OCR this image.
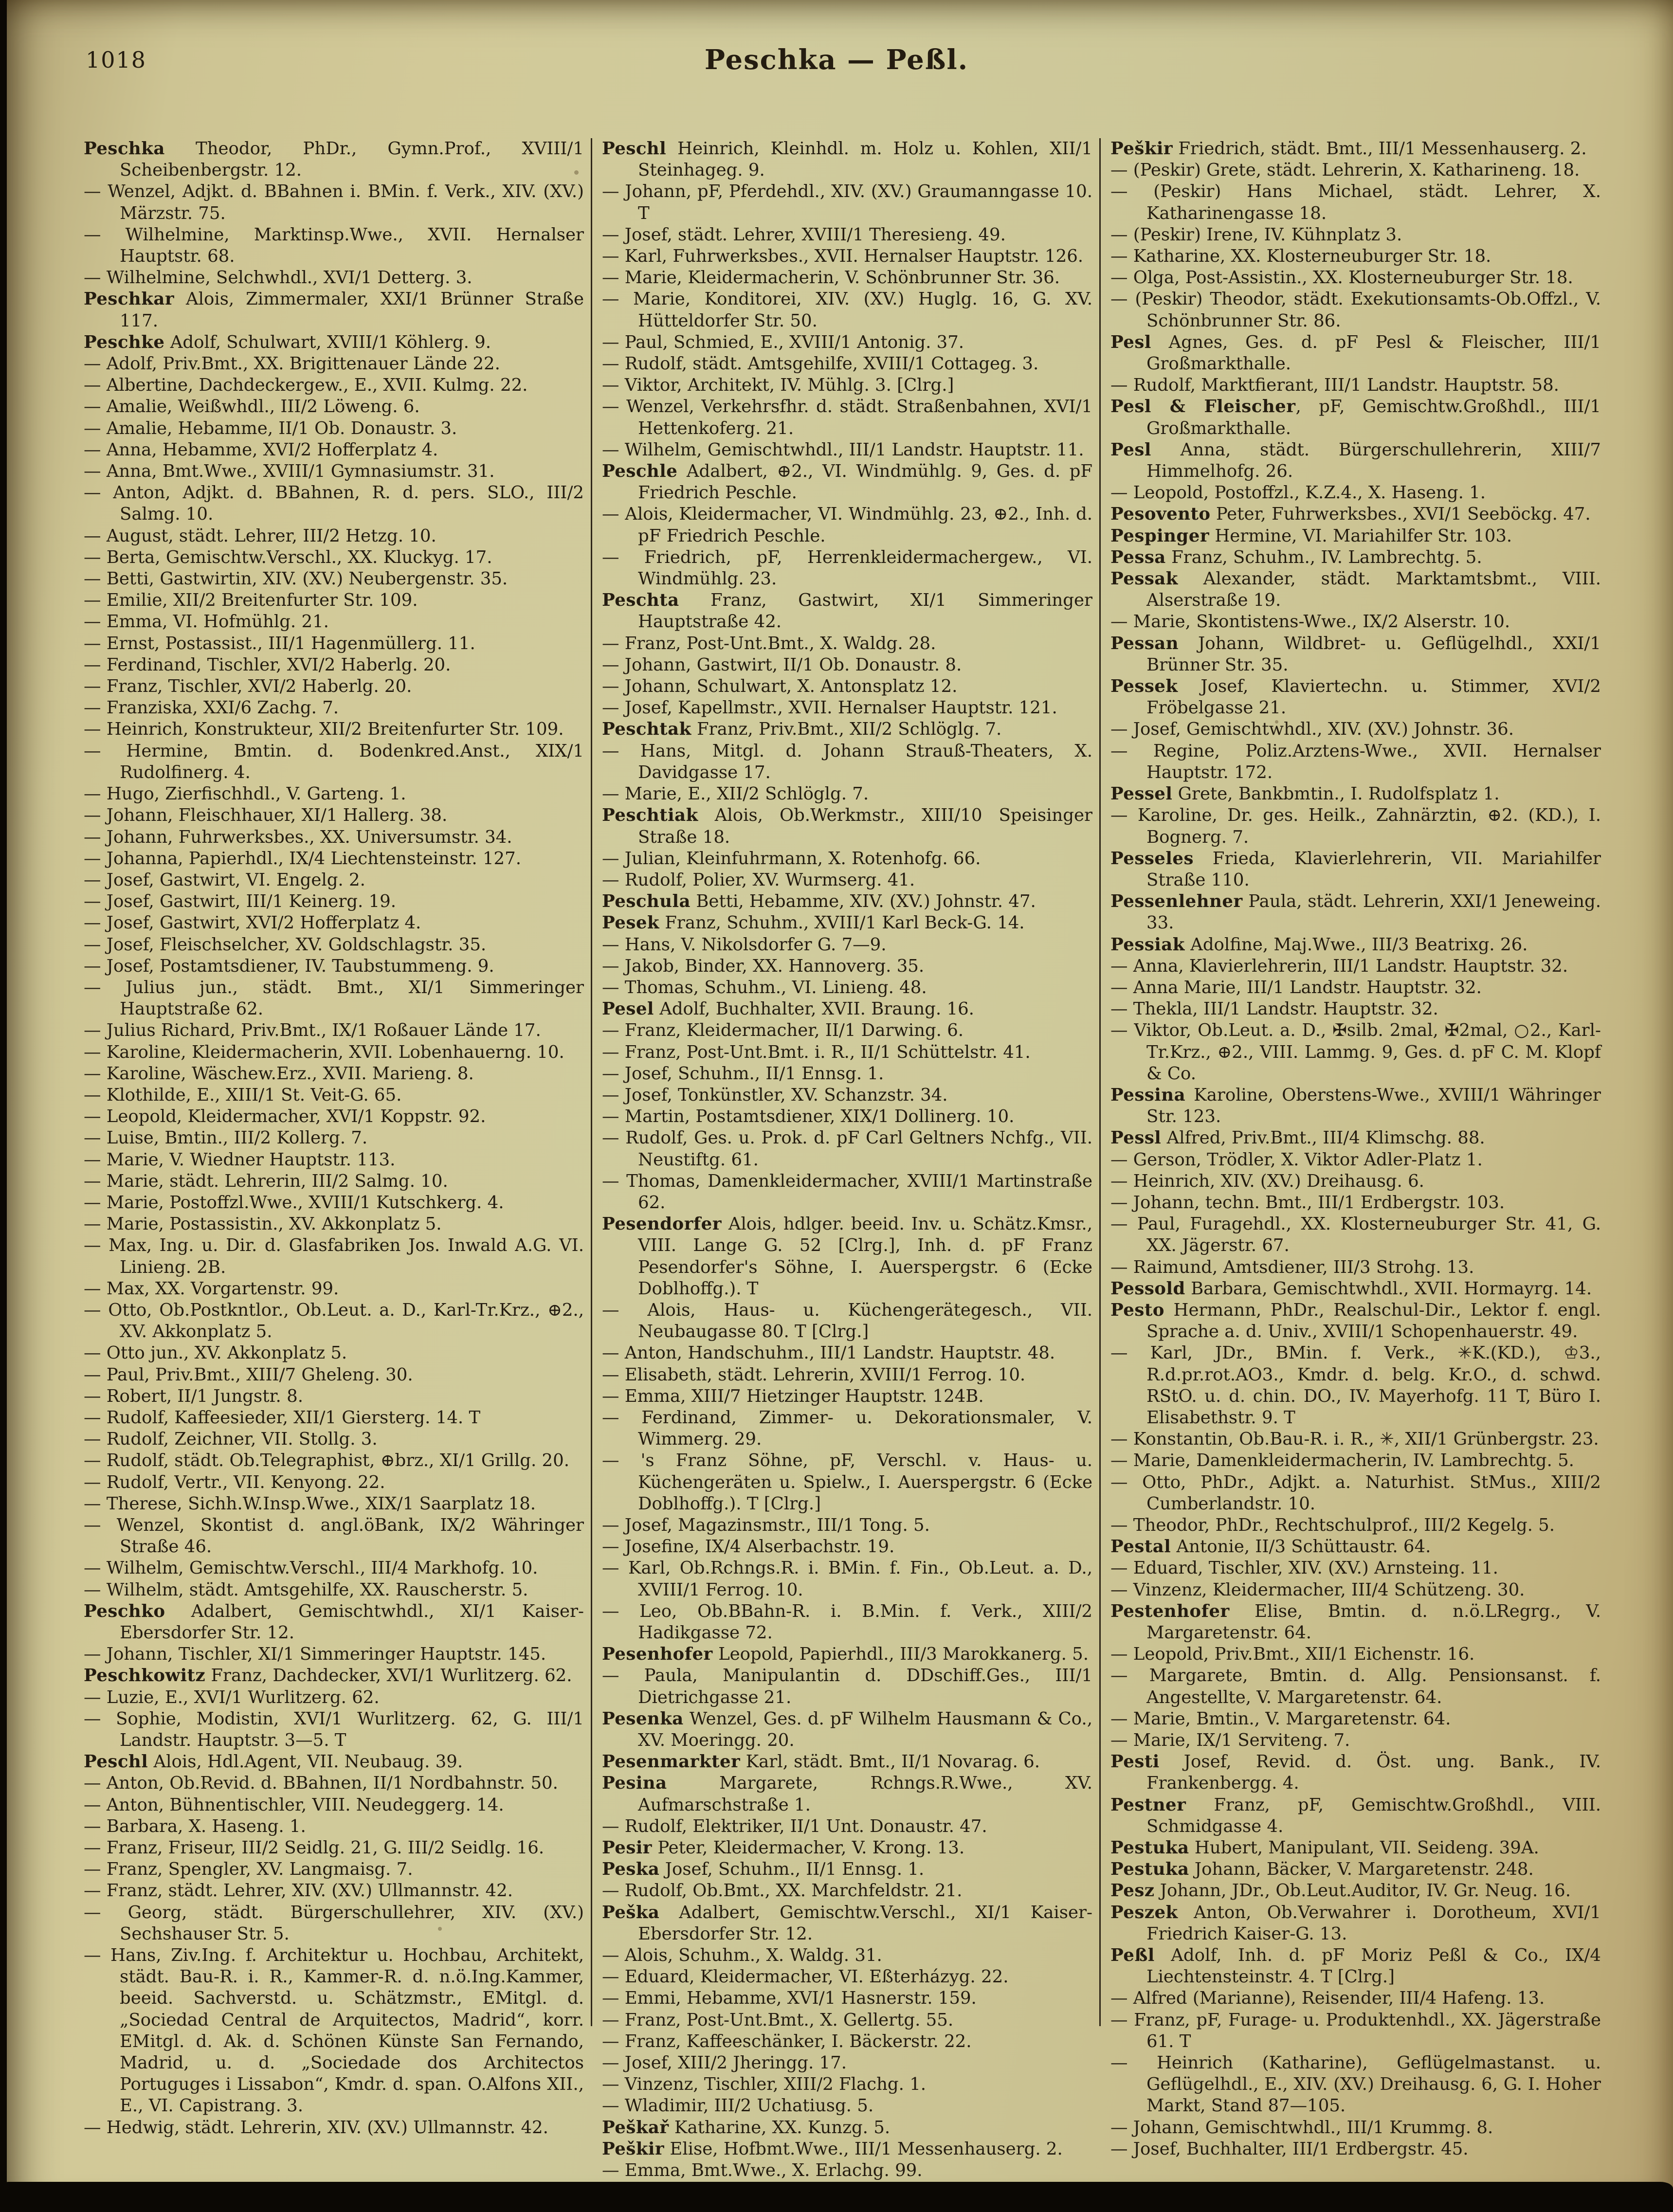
1018	Peschka — Peßl.
Peschka Theodor, PhDr., Gymn.Prof., XVIII/1 Scheibenbergstr. 12.
— Wenzel, Adjkt. d. BBahnen i. BMin. f. Verk., XIV. (XV.) Märzstr. 75.
— Wilhelmine, Marktinsp.Wwe., XVII. Hernalser Hauptstr. 68.
— Wilhelmine, Selchwhdl., XVI/1 Detterg. 3.
Peschkar Alois, Zimmermaler, XXI/1 Brünner Straße 117.
Peschke Adolf, Schulwart, XVIII/1 Köhlerg. 9.
— Adolf, Priv.Bmt., XX. Brigittenauer Lände 22.
— Albertine, Dachdeckergew., E., XVII. Kulmg. 22.
— Amalie, Weißwhdl., III/2 Löweng. 6.
— Amalie, Hebamme, II/1 Ob. Donaustr. 3.
— Anna, Hebamme, XVI/2 Hofferplatz 4.
— Anna, Bmt.Wwe., XVIII/1 Gymnasiumstr. 31.
— Anton, Adjkt. d. BBahnen, R. d. pers. SLO., III/2 Salmg. 10.
— August, städt. Lehrer, III/2 Hetzg. 10.
— Berta, Gemischtw.Verschl., XX. Kluckyg. 17.
— Betti, Gastwirtin, XIV. (XV.) Neubergenstr. 35.
— Emilie, XII/2 Breitenfurter Str. 109.
— Emma, VI. Hofmühlg. 21.
— Ernst, Postassist., III/1 Hagenmüllerg. 11.
— Ferdinand, Tischler, XVI/2 Haberlg. 20.
— Franz, Tischler, XVI/2 Haberlg. 20.
— Franziska, XXI/6 Zachg. 7.
— Heinrich, Konstrukteur, XII/2 Breitenfurter Str. 109.
— Hermine, Bmtin. d. Bodenkred.Anst., XIX/1 Rudolfinerg. 4.
— Hugo, Zierfischhdl., V. Garteng. 1.
— Johann, Fleischhauer, XI/1 Hallerg. 38.
— Johann, Fuhrwerksbes., XX. Universumstr. 34.
— Johanna, Papierhdl., IX/4 Liechtensteinstr. 127.
— Josef, Gastwirt, VI. Engelg. 2.
— Josef, Gastwirt, III/1 Keinerg. 19.
— Josef, Gastwirt, XVI/2 Hofferplatz 4.
— Josef, Fleischselcher, XV. Goldschlagstr. 35.
— Josef, Postamtsdiener, IV. Taubstummeng. 9.
— Julius jun., städt. Bmt., XI/1 Simmeringer Hauptstraße 62.
— Julius Richard, Priv.Bmt., IX/1 Roßauer Lände 17.
— Karoline, Kleidermacherin, XVII. Lobenhauerng. 10.
— Karoline, Wäschew.Erz., XVII. Marieng. 8.
— Klothilde, E., XIII/1 St. Veit-G. 65.
— Leopold, Kleidermacher, XVI/1 Koppstr. 92.
— Luise, Bmtin., III/2 Kollerg. 7.
— Marie, V. Wiedner Hauptstr. 113.
— Marie, städt. Lehrerin, III/2 Salmg. 10.
— Marie, Postoffzl.Wwe., XVIII/1 Kutschkerg. 4.
— Marie, Postassistin., XV. Akkonplatz 5.
— Max, Ing. u. Dir. d. Glasfabriken Jos. Inwald A.G. VI. Linieng. 2B.
— Max, XX. Vorgartenstr. 99.
— Otto, Ob.Postkntlor., Ob.Leut. a. D., Karl-Tr.Krz., ⊕2., XV. Akkonplatz 5.
— Otto jun., XV. Akkonplatz 5.
— Paul, Priv.Bmt., XIII/7 Gheleng. 30.
— Robert, II/1 Jungstr. 8.
— Rudolf, Kaffeesieder, XII/1 Giersterg. 14. T
— Rudolf, Zeichner, VII. Stollg. 3.
— Rudolf, städt. Ob.Telegraphist, ⊕brz., XI/1 Grillg. 20.
— Rudolf, Vertr., VII. Kenyong. 22.
— Therese, Sichh.W.Insp.Wwe., XIX/1 Saarplatz 18.
— Wenzel, Skontist d. angl.öBank, IX/2 Währinger Straße 46.
— Wilhelm, Gemischtw.Verschl., III/4 Markhofg. 10.
— Wilhelm, städt. Amtsgehilfe, XX. Rauscherstr. 5.
Peschko Adalbert, Gemischtwhdl., XI/1 Kaiser-Ebersdorfer Str. 12.
— Johann, Tischler, XI/1 Simmeringer Hauptstr. 145.
Peschkowitz Franz, Dachdecker, XVI/1 Wurlitzerg. 62.
— Luzie, E., XVI/1 Wurlitzerg. 62.
— Sophie, Modistin, XVI/1 Wurlitzerg. 62, G. III/1 Landstr. Hauptstr. 3—5. T
Peschl Alois, Hdl.Agent, VII. Neubaug. 39.
— Anton, Ob.Revid. d. BBahnen, II/1 Nordbahnstr. 50.
— Anton, Bühnentischler, VIII. Neudeggerg. 14.
— Barbara, X. Haseng. 1.
— Franz, Friseur, III/2 Seidlg. 21, G. III/2 Seidlg. 16.
— Franz, Spengler, XV. Langmaisg. 7.
— Franz, städt. Lehrer, XIV. (XV.) Ullmannstr. 42.
— Georg, städt. Bürgerschullehrer, XIV. (XV.) Sechshauser Str. 5.
— Hans, Ziv.Ing. f. Architektur u. Hochbau, Architekt, städt. Bau-R. i. R., Kammer-R. d. n.ö.Ing.Kammer, beeid. Sachverstd. u. Schätzmstr., EMitgl. d. „Sociedad Central de Arquitectos, Madrid“, korr. EMitgl. d. Ak. d. Schönen Künste San Fernando, Madrid, u. d. „Sociedade dos Architectos Portuguges i Lissabon“, Kmdr. d. span. O.Alfons XII., E., VI. Capistrang. 3.
— Hedwig, städt. Lehrerin, XIV. (XV.) Ullmannstr. 42.
Peschl Heinrich, Kleinhdl. m. Holz u. Kohlen, XII/1 Steinhageg. 9.
— Johann, pF, Pferdehdl., XIV. (XV.) Graumanngasse 10. T
— Josef, städt. Lehrer, XVIII/1 Theresieng. 49.
— Karl, Fuhrwerksbes., XVII. Hernalser Hauptstr. 126.
— Marie, Kleidermacherin, V. Schönbrunner Str. 36.
— Marie, Konditorei, XIV. (XV.) Huglg. 16, G. XV. Hütteldorfer Str. 50.
— Paul, Schmied, E., XVIII/1 Antonig. 37.
— Rudolf, städt. Amtsgehilfe, XVIII/1 Cottageg. 3.
— Viktor, Architekt, IV. Mühlg. 3. [Clrg.]
— Wenzel, Verkehrsfhr. d. städt. Straßenbahnen, XVI/1 Hettenkoferg. 21.
— Wilhelm, Gemischtwhdl., III/1 Landstr. Hauptstr. 11.
Peschle Adalbert, ⊕2., VI. Windmühlg. 9, Ges. d. pF Friedrich Peschle.
— Alois, Kleidermacher, VI. Windmühlg. 23, ⊕2., Inh. d. pF Friedrich Peschle.
— Friedrich, pF, Herrenkleidermachergew., VI. Windmühlg. 23.
Peschta Franz, Gastwirt, XI/1 Simmeringer Hauptstraße 42.
— Franz, Post-Unt.Bmt., X. Waldg. 28.
— Johann, Gastwirt, II/1 Ob. Donaustr. 8.
— Johann, Schulwart, X. Antonsplatz 12.
— Josef, Kapellmstr., XVII. Hernalser Hauptstr. 121.
Peschtak Franz, Priv.Bmt., XII/2 Schlöglg. 7.
— Hans, Mitgl. d. Johann Strauß-Theaters, X. Davidgasse 17.
— Marie, E., XII/2 Schlöglg. 7.
Peschtiak Alois, Ob.Werkmstr., XIII/10 Speisinger Straße 18.
— Julian, Kleinfuhrmann, X. Rotenhofg. 66.
— Rudolf, Polier, XV. Wurmserg. 41.
Peschula Betti, Hebamme, XIV. (XV.) Johnstr. 47.
Pesek Franz, Schuhm., XVIII/1 Karl Beck-G. 14.
— Hans, V. Nikolsdorfer G. 7—9.
— Jakob, Binder, XX. Hannoverg. 35.
— Thomas, Schuhm., VI. Linieng. 48.
Pesel Adolf, Buchhalter, XVII. Braung. 16.
— Franz, Kleidermacher, II/1 Darwing. 6.
— Franz, Post-Unt.Bmt. i. R., II/1 Schüttelstr. 41.
— Josef, Schuhm., II/1 Ennsg. 1.
— Josef, Tonkünstler, XV. Schanzstr. 34.
— Martin, Postamtsdiener, XIX/1 Dollinerg. 10.
— Rudolf, Ges. u. Prok. d. pF Carl Geltners Nchfg., VII. Neustiftg. 61.
— Thomas, Damenkleidermacher, XVIII/1 Martinstraße 62.
Pesendorfer Alois, hdlger. beeid. Inv. u. Schätz.Kmsr., VIII. Lange G. 52 [Clrg.], Inh. d. pF Franz Pesendorfer's Söhne, I. Auerspergstr. 6 (Ecke Doblhoffg.). T
— Alois, Haus- u. Küchengerätegesch., VII. Neubaugasse 80. T [Clrg.]
— Anton, Handschuhm., III/1 Landstr. Hauptstr. 48.
— Elisabeth, städt. Lehrerin, XVIII/1 Ferrog. 10.
— Emma, XIII/7 Hietzinger Hauptstr. 124B.
— Ferdinand, Zimmer- u. Dekorationsmaler, V. Wimmerg. 29.
— 's Franz Söhne, pF, Verschl. v. Haus- u. Küchengeräten u. Spielw., I. Auerspergstr. 6 (Ecke Doblhoffg.). T [Clrg.]
— Josef, Magazinsmstr., III/1 Tong. 5.
— Josefine, IX/4 Alserbachstr. 19.
— Karl, Ob.Rchngs.R. i. BMin. f. Fin., Ob.Leut. a. D., XVIII/1 Ferrog. 10.
— Leo, Ob.BBahn-R. i. B.Min. f. Verk., XIII/2 Hadikgasse 72.
Pesenhofer Leopold, Papierhdl., III/3 Marokkanerg. 5.
— Paula, Manipulantin d. DDschiff.Ges., III/1 Dietrichgasse 21.
Pesenka Wenzel, Ges. d. pF Wilhelm Hausmann & Co., XV. Moeringg. 20.
Pesenmarkter Karl, städt. Bmt., II/1 Novarag. 6.
Pesina	Margarete, Rchngs.R.Wwe., XV. Aufmarschstraße 1.
— Rudolf, Elektriker, II/1 Unt. Donaustr. 47.
Pesir Peter, Kleidermacher, V. Krong. 13.
Peska Josef, Schuhm., II/1 Ennsg. 1.
— Rudolf, Ob.Bmt., XX. Marchfeldstr. 21.
Peška Adalbert, Gemischtw.Verschl., XI/1 Kaiser-Ebersdorfer Str. 12.
— Alois, Schuhm., X. Waldg. 31.
— Eduard, Kleidermacher, VI. Eßterházyg. 22.
— Emmi, Hebamme, XVI/1 Hasnerstr. 159.
— Franz, Post-Unt.Bmt., X. Gellertg. 55.
— Franz, Kaffeeschänker, I. Bäckerstr. 22.
— Josef, XIII/2 Jheringg. 17.
— Vinzenz, Tischler, XIII/2 Flachg. 1.
— Wladimir, III/2 Uchatiusg. 5.
Peškař Katharine, XX. Kunzg. 5.
Peškir Elise, Hofbmt.Wwe., III/1 Messenhauserg. 2.
— Emma, Bmt.Wwe., X. Erlachg. 99.
Peškir Friedrich, städt. Bmt., III/1 Messenhauserg. 2.
— (Peskir) Grete, städt. Lehrerin, X. Katharineng. 18.
— (Peskir) Hans Michael, städt. Lehrer, X. Katharinengasse 18.
— (Peskir) Irene, IV. Kühnplatz 3.
— Katharine, XX. Klosterneuburger Str. 18.
— Olga, Post-Assistin., XX. Klosterneuburger Str. 18.
— (Peskir) Theodor, städt. Exekutionsamts-Ob.Offzl., V. Schönbrunner Str. 86.
Pesl Agnes, Ges. d. pF Pesl & Fleischer, III/1 Großmarkthalle.
— Rudolf, Marktfierant, III/1 Landstr. Hauptstr. 58.
Pesl & Fleischer, pF, Gemischtw.Großhdl., III/1 Großmarkthalle.
Pesl Anna, städt. Bürgerschullehrerin, XIII/7 Himmelhofg. 26.
— Leopold, Postoffzl., K.Z.4., X. Haseng. 1.
Pesovento Peter, Fuhrwerksbes., XVI/1 Seeböckg. 47.
Pespinger Hermine, VI. Mariahilfer Str. 103.
Pessa Franz, Schuhm., IV. Lambrechtg. 5.
Pessak Alexander, städt. Marktamtsbmt., VIII. Alserstraße 19.
— Marie, Skontistens-Wwe., IX/2 Alserstr. 10.
Pessan Johann, Wildbret- u. Geflügelhdl., XXI/1 Brünner Str. 35.
Pessek Josef, Klaviertechn. u. Stimmer, XVI/2 Fröbelgasse 21.
— Josef, Gemischtwhdl., XIV. (XV.) Johnstr. 36.
— Regine, Poliz.Arztens-Wwe., XVII. Hernalser Hauptstr. 172.
Pessel Grete, Bankbmtin., I. Rudolfsplatz 1.
— Karoline, Dr. ges. Heilk., Zahnärztin, ⊕2. (KD.), I. Bognerg. 7.
Pesseles Frieda, Klavierlehrerin, VII. Mariahilfer Straße 110.
Pessenlehner Paula, städt. Lehrerin, XXI/1 Jeneweing. 33.
Pessiak Adolfine, Maj.Wwe., III/3 Beatrixg. 26.
— Anna, Klavierlehrerin, III/1 Landstr. Hauptstr. 32.
— Anna Marie, III/1 Landstr. Hauptstr. 32.
— Thekla, III/1 Landstr. Hauptstr. 32.
— Viktor, Ob.Leut. a. D., ✠silb. 2mal, ✠2mal, ○2., Karl-Tr.Krz., ⊕2., VIII. Lammg. 9, Ges. d. pF C. M. Klopf & Co.
Pessina Karoline, Oberstens-Wwe., XVIII/1 Währinger Str. 123.
Pessl Alfred, Priv.Bmt., III/4 Klimschg. 88.
— Gerson, Trödler, X. Viktor Adler-Platz 1.
— Heinrich, XIV. (XV.) Dreihausg. 6.
— Johann, techn. Bmt., III/1 Erdbergstr. 103.
— Paul, Furagehdl., XX. Klosterneuburger Str. 41, G. XX. Jägerstr. 67.
— Raimund, Amtsdiener, III/3 Strohg. 13.
Pessold Barbara, Gemischtwhdl., XVII. Hormayrg. 14.
Pesto Hermann, PhDr., Realschul-Dir., Lektor f. engl. Sprache a. d. Univ., XVIII/1 Schopenhauerstr. 49.
— Karl, JDr., BMin. f. Verk., ✳K.(KD.), ♔3., R.d.pr.rot.AO3., Kmdr. d. belg. Kr.O., d. schwd. RStO. u. d. chin. DO., IV. Mayerhofg. 11 T, Büro I. Elisabethstr. 9. T
— Konstantin, Ob.Bau-R. i. R., ✳, XII/1 Grünbergstr. 23.
— Marie, Damenkleidermacherin, IV. Lambrechtg. 5.
— Otto, PhDr., Adjkt. a. Naturhist. StMus., XIII/2 Cumberlandstr. 10.
— Theodor, PhDr., Rechtschulprof., III/2 Kegelg. 5.
Pestal Antonie, II/3 Schüttaustr. 64.
— Eduard, Tischler, XIV. (XV.) Arnsteing. 11.
— Vinzenz, Kleidermacher, III/4 Schützeng. 30.
Pestenhofer Elise, Bmtin. d. n.ö.LRegrg., V. Margaretenstr. 64.
— Leopold, Priv.Bmt., XII/1 Eichenstr. 16.
— Margarete, Bmtin. d. Allg. Pensionsanst. f. Angestellte, V. Margaretenstr. 64.
— Marie, Bmtin., V. Margaretenstr. 64.
— Marie, IX/1 Serviteng. 7.
Pesti Josef, Revid. d. Öst. ung. Bank., IV. Frankenbergg. 4.
Pestner Franz, pF, Gemischtw.Großhdl., VIII. Schmidgasse 4.
Pestuka Hubert, Manipulant, VII. Seideng. 39A.
Pestuka Johann, Bäcker, V. Margaretenstr. 248.
Pesz Johann, JDr., Ob.Leut.Auditor, IV. Gr. Neug. 16.
Peszek Anton, Ob.Verwahrer i. Dorotheum, XVI/1 Friedrich Kaiser-G. 13.
Peßl Adolf, Inh. d. pF Moriz Peßl & Co., IX/4 Liechtensteinstr. 4. T [Clrg.]
— Alfred (Marianne), Reisender, III/4 Hafeng. 13.
— Franz, pF, Furage- u. Produktenhdl., XX. Jägerstraße 61. T
— Heinrich (Katharine), Geflügelmastanst. u. Geflügelhdl., E., XIV. (XV.) Dreihausg. 6, G. I. Hoher Markt, Stand 87—105.
— Johann, Gemischtwhdl., III/1 Krummg. 8.
— Josef, Buchhalter, III/1 Erdbergstr. 45.
